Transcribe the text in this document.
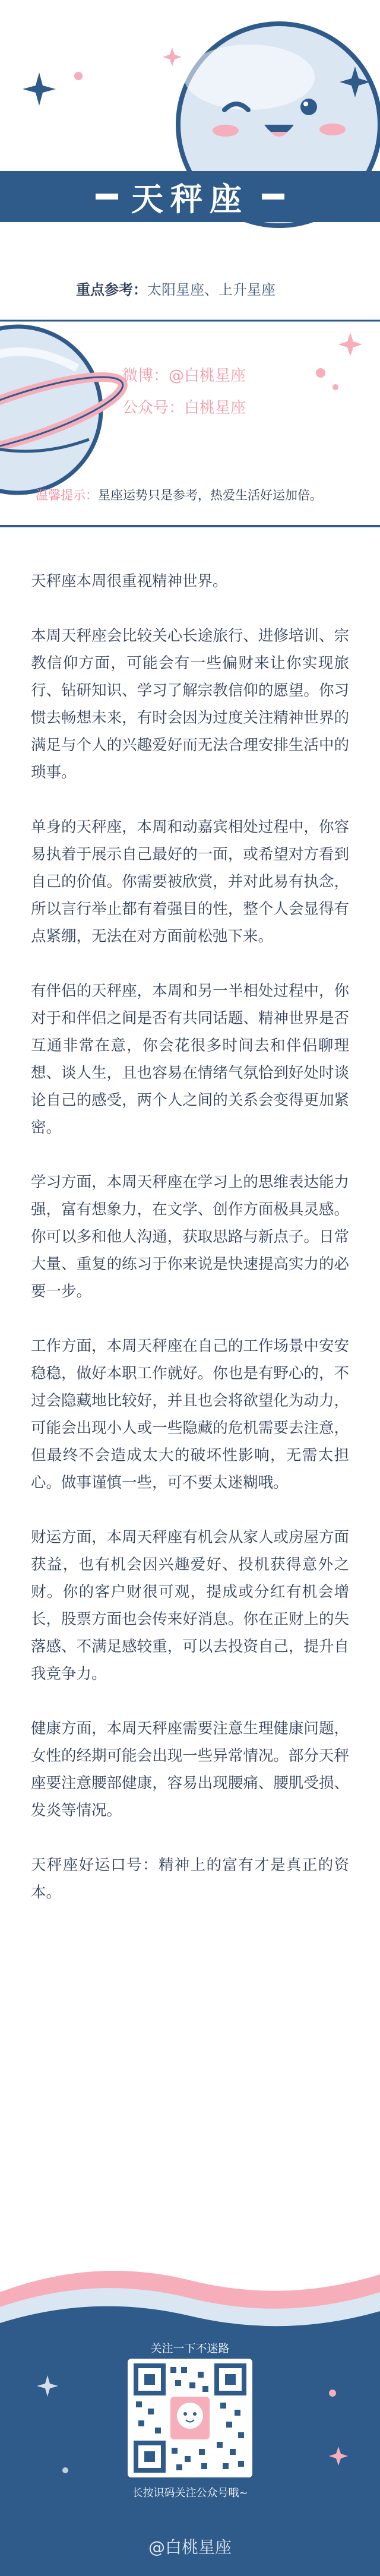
天秤座
重点参考：太阳星座、上升星座
微博：@白桃星座
公众号：白桃星座
温馨提示：星座运势只是参考，热爱生活好运加倍。

天秤座本周很重视精神世界。

本周天秤座会比较关心长途旅行、进修培训、宗教信仰方面，可能会有一些偏财来让你实现旅行、钻研知识、学习了解宗教信仰的愿望。你习惯去畅想未来，有时会因为过度关注精神世界的满足与个人的兴趣爱好而无法合理安排生活中的琐事。

单身的天秤座，本周和动嘉宾相处过程中，你容易执着于展示自己最好的一面，或希望对方看到自己的价值。你需要被欣赏，并对此易有执念，所以言行举止都有着强目的性，整个人会显得有点紧绷，无法在对方面前松弛下来。

有伴侣的天秤座，本周和另一半相处过程中，你对于和伴侣之间是否有共同话题、精神世界是否互通非常在意，你会花很多时间去和伴侣聊理想、谈人生，且也容易在情绪气氛恰到好处时谈论自己的感受，两个人之间的关系会变得更加紧密。

学习方面，本周天秤座在学习上的思维表达能力强，富有想象力，在文学、创作方面极具灵感。你可以多和他人沟通，获取思路与新点子。日常大量、重复的练习于你来说是快速提高实力的必要一步。

工作方面，本周天秤座在自己的工作场景中安安稳稳，做好本职工作就好。你也是有野心的，不过会隐藏地比较好，并且也会将欲望化为动力，可能会出现小人或一些隐藏的危机需要去注意，但最终不会造成太大的破坏性影响，无需太担心。做事谨慎一些，可不要太迷糊哦。

财运方面，本周天秤座有机会从家人或房屋方面获益，也有机会因兴趣爱好、投机获得意外之财。你的客户财很可观，提成或分红有机会增长，股票方面也会传来好消息。你在正财上的失落感、不满足感较重，可以去投资自己，提升自我竞争力。

健康方面，本周天秤座需要注意生理健康问题，女性的经期可能会出现一些异常情况。部分天秤座要注意腰部健康，容易出现腰痛、腰肌受损、发炎等情况。

天秤座好运口号：精神上的富有才是真正的资本。

关注一下不迷路
长按识码关注公众号哦~
@白桃星座
